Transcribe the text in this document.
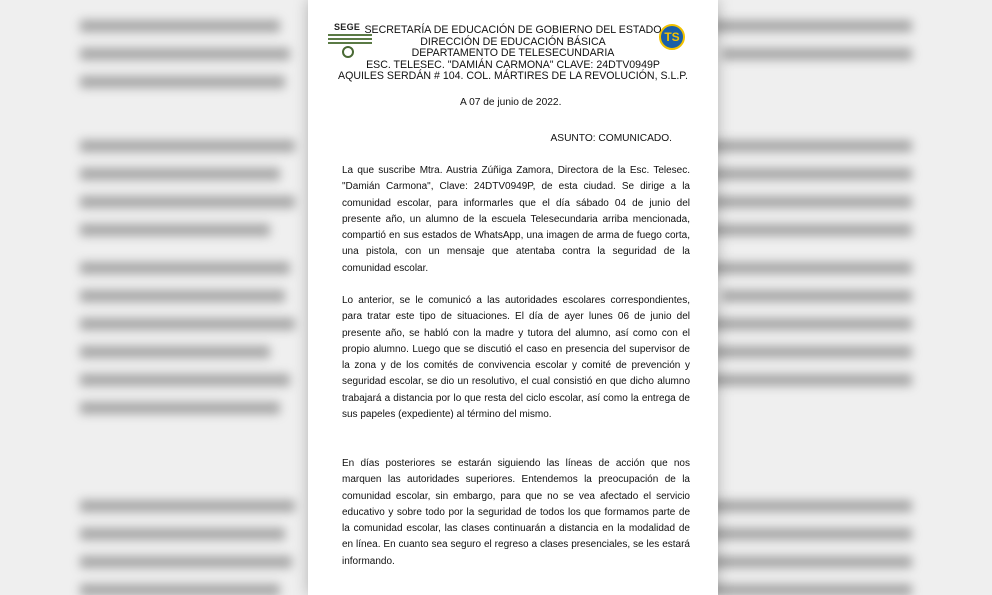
SEGE
TS
SECRETARÍA DE EDUCACIÓN DE GOBIERNO DEL ESTADO
DIRECCIÓN DE EDUCACIÓN BÁSICA
DEPARTAMENTO DE TELESECUNDARIA
ESC. TELESEC. "DAMIÁN CARMONA" CLAVE: 24DTV0949P
AQUILES SERDÁN # 104. COL. MÁRTIRES DE LA REVOLUCIÓN, S.L.P.
A 07 de junio de 2022.
ASUNTO: COMUNICADO.
La que suscribe Mtra. Austria Zúñiga Zamora, Directora de la Esc. Telesec. "Damián Carmona", Clave: 24DTV0949P, de esta ciudad. Se dirige a la comunidad escolar, para informarles que el día sábado 04 de junio del presente año, un alumno de la escuela Telesecundaria arriba mencionada, compartió en sus estados de WhatsApp, una imagen de arma de fuego corta, una pistola, con un mensaje que atentaba contra la seguridad de la comunidad escolar.
Lo anterior, se le comunicó a las autoridades escolares correspondientes, para tratar este tipo de situaciones. El día de ayer lunes 06 de junio del presente año, se habló con la madre y tutora del alumno, así como con el propio alumno. Luego que se discutió el caso en presencia del supervisor de la zona y de los comités de convivencia escolar y comité de prevención y seguridad escolar, se dio un resolutivo, el cual consistió en que dicho alumno trabajará a distancia por lo que resta del ciclo escolar, así como la entrega de sus papeles (expediente) al término del mismo.
En días posteriores se estarán siguiendo las líneas de acción que nos marquen las autoridades superiores. Entendemos la preocupación de la comunidad escolar, sin embargo, para que no se vea afectado el servicio educativo y sobre todo por la seguridad de todos los que formamos parte de la comunidad escolar, las clases continuarán a distancia en la modalidad de en línea. En cuanto sea seguro el regreso a clases presenciales, se les estará informando.
